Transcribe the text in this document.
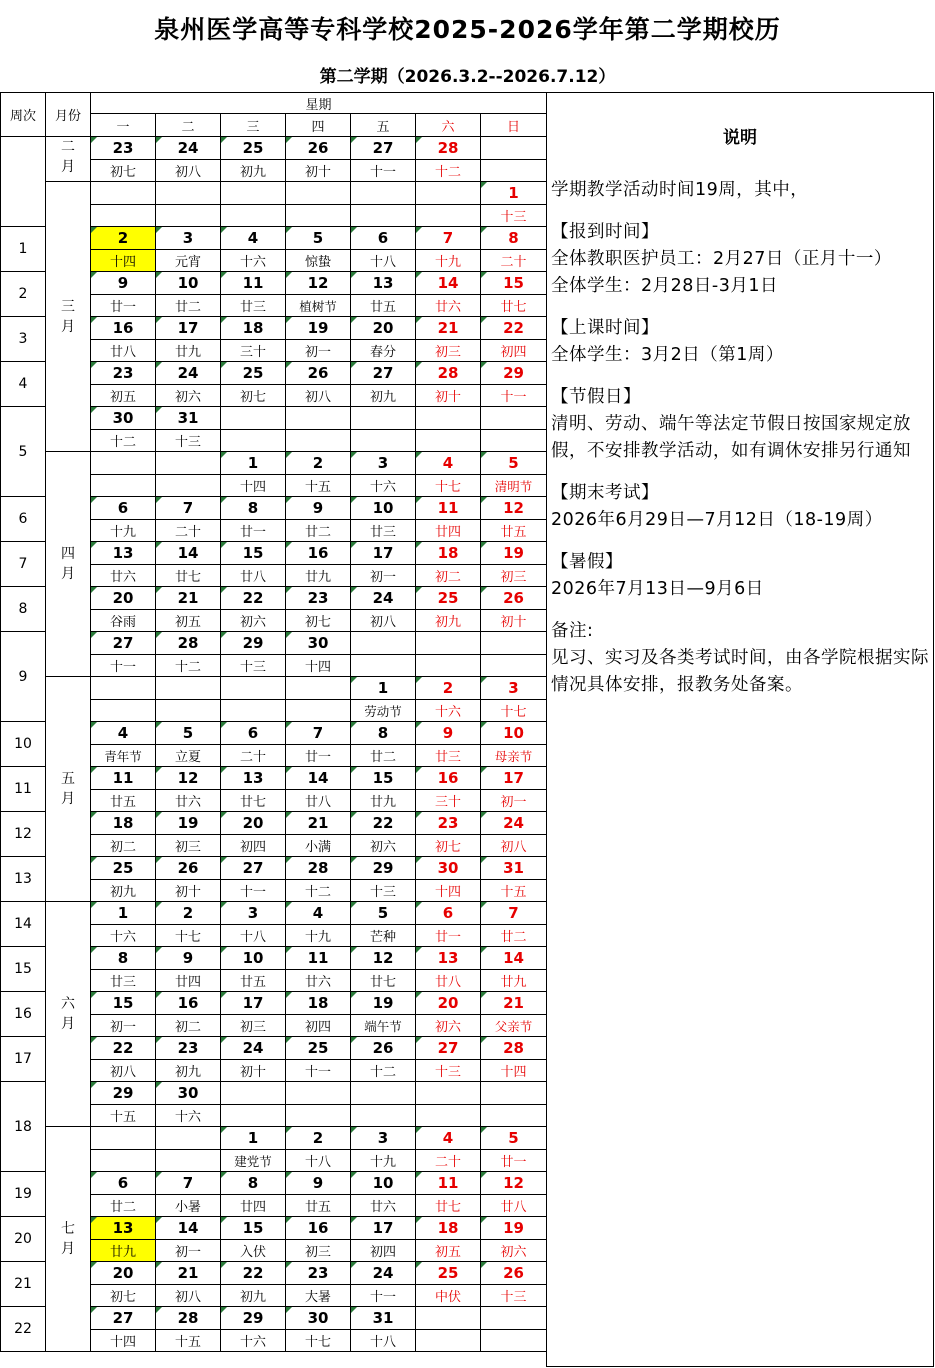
泉州医学高等专科学校2025-2026学年第二学期校历
第二学期（2026.3.2--2026.7.12）
周次	月份	星期						
		一	二	三	四	五	六	日
	二月	23	24	25	26	27	28	
		初七	初八	初九	初十	十一	十二	
	三月							1
								十三
1		2	3	4	5	6	7	8
		十四	元宵	十六	惊蛰	十八	十九	二十
2		9	10	11	12	13	14	15
		廿一	廿二	廿三	植树节	廿五	廿六	廿七
3		16	17	18	19	20	21	22
		廿八	廿九	三十	初一	春分	初三	初四
4		23	24	25	26	27	28	29
		初五	初六	初七	初八	初九	初十	十一
5		30	31					
		十二	十三					
	四月			1	2	3	4	5
				十四	十五	十六	十七	清明节
6		6	7	8	9	10	11	12
		十九	二十	廿一	廿二	廿三	廿四	廿五
7		13	14	15	16	17	18	19
		廿六	廿七	廿八	廿九	初一	初二	初三
8		20	21	22	23	24	25	26
		谷雨	初五	初六	初七	初八	初九	初十
9		27	28	29	30			
		十一	十二	十三	十四			
	五月					1	2	3
						劳动节	十六	十七
10		4	5	6	7	8	9	10
		青年节	立夏	二十	廿一	廿二	廿三	母亲节
11		11	12	13	14	15	16	17
		廿五	廿六	廿七	廿八	廿九	三十	初一
12		18	19	20	21	22	23	24
		初二	初三	初四	小满	初六	初七	初八
13		25	26	27	28	29	30	31
		初九	初十	十一	十二	十三	十四	十五
14	六月	1	2	3	4	5	6	7
		十六	十七	十八	十九	芒种	廿一	廿二
15		8	9	10	11	12	13	14
		廿三	廿四	廿五	廿六	廿七	廿八	廿九
16		15	16	17	18	19	20	21
		初一	初二	初三	初四	端午节	初六	父亲节
17		22	23	24	25	26	27	28
		初八	初九	初十	十一	十二	十三	十四
18		29	30					
		十五	十六					
	七月			1	2	3	4	5
				建党节	十八	十九	二十	廿一
19		6	7	8	9	10	11	12
		廿二	小暑	廿四	廿五	廿六	廿七	廿八
20		13	14	15	16	17	18	19
		廿九	初一	入伏	初三	初四	初五	初六
21		20	21	22	23	24	25	26
		初七	初八	初九	大暑	十一	中伏	十三
22		27	28	29	30	31		
		十四	十五	十六	十七	十八		
说明

学期教学活动时间19周，其中，

【报到时间】

全体教职医护员工：2月27日（正月十一）

全体学生：2月28日-3月1日

【上课时间】

全体学生：3月2日（第1周）

【节假日】

清明、劳动、端午等法定节假日按国家规定放假，不安排教学活动，如有调休安排另行通知

【期末考试】

2026年6月29日—7月12日（18-19周）

【暑假】

2026年7月13日—9月6日

备注:

见习、实习及各类考试时间，由各学院根据实际情况具体安排，报教务处备案。
